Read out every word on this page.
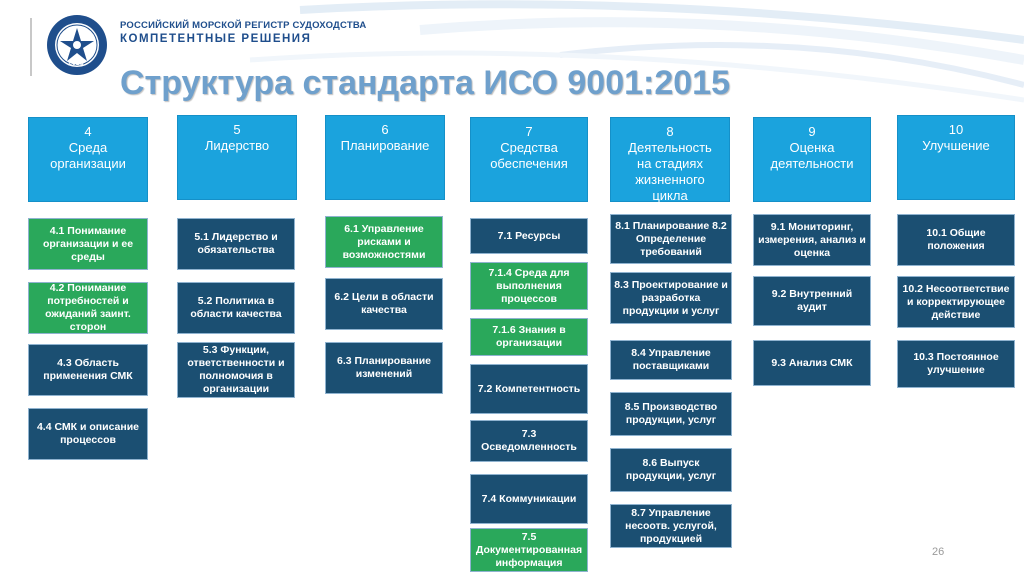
2015
РОССИЙСКИЙ МОРСКОЙ РЕГИСТР СУДОХОДСТВА
КОМПЕТЕНТНЫЕ РЕШЕНИЯ
Структура стандарта ИСО 9001:2015
4
Среда
организации
4.1 Понимание организации и ее среды
4.2 Понимание потребностей и ожиданий заинт. сторон
4.3 Область применения СМК
4.4 СМК и описание процессов
5
Лидерство
5.1 Лидерство и обязательства
5.2 Политика в области качества
5.3 Функции, ответственности и полномочия в организации
6
Планирование
6.1 Управление рисками и возможностями
6.2 Цели в области качества
6.3 Планирование изменений
7
Средства
обеспечения
7.1 Ресурсы
7.1.4 Среда для выполнения процессов
7.1.6 Знания в организации
7.2 Компетентность
7.3 Осведомленность
7.4 Коммуникации
7.5 Документированная информация
8
Деятельность
на стадиях
жизненного
цикла
8.1 Планирование 8.2 Определение требований
8.3 Проектирование и разработка продукции и услуг
8.4 Управление поставщиками
8.5 Производство продукции, услуг
8.6 Выпуск продукции, услуг
8.7 Управление несоотв. услугой, продукцией
9
Оценка
деятельности
9.1 Мониторинг, измерения, анализ и оценка
9.2 Внутренний аудит
9.3 Анализ СМК
10
Улучшение
10.1 Общие положения
10.2 Несоответствие и корректирующее действие
10.3 Постоянное улучшение
26
